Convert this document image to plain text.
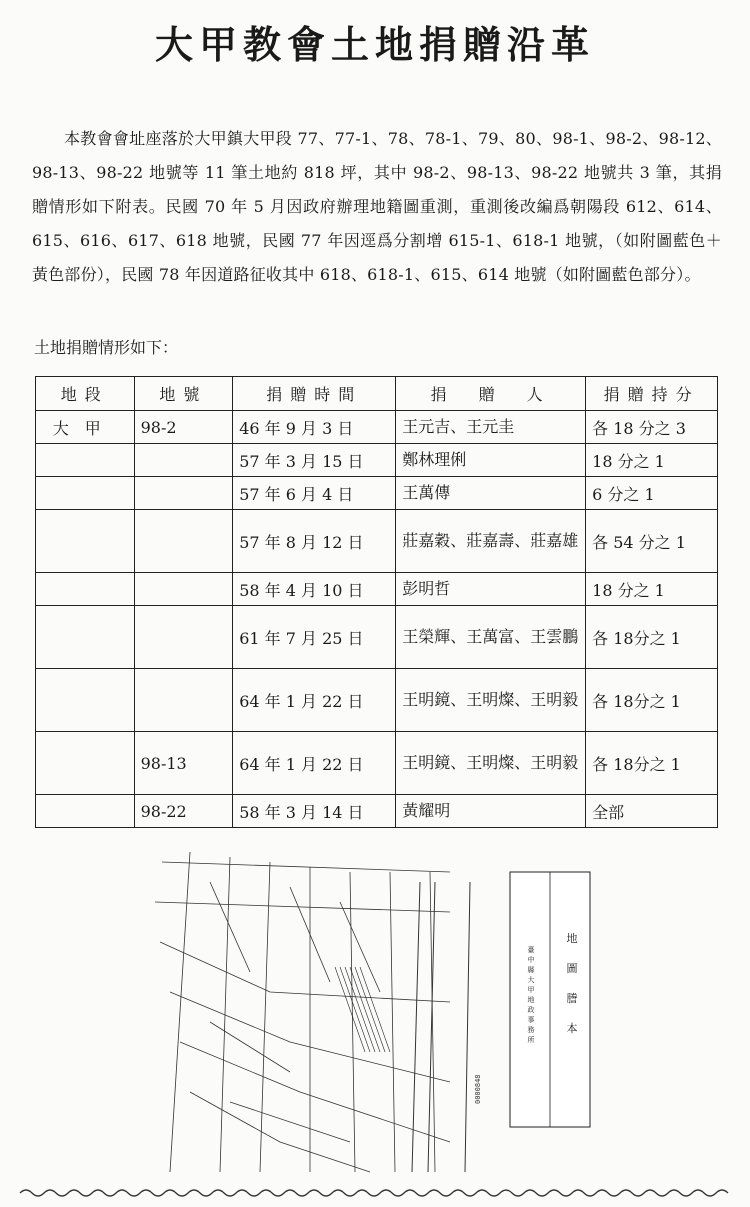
大甲教會土地捐贈沿革

本教會會址座落於大甲鎮大甲段 77、77-1、78、78-1、79、80、98-1、98-2、98-12、98-13、98-22 地號等 11 筆土地約 818 坪，其中 98-2、98-13、98-22 地號共 3 筆，其捐贈情形如下附表。民國 70 年 5 月因政府辦理地籍圖重測，重測後改編爲朝陽段 612、614、615、616、617、618 地號，民國 77 年因逕爲分割增 615-1、618-1 地號，（如附圖藍色＋黃色部份），民國 78 年因道路征收其中 618、618-1、615、614 地號（如附圖藍色部分）。

土地捐贈情形如下：
地段	地號	捐贈時間	捐　贈　人	捐贈持分
大甲	98-2	46 年 9 月 3 日	王元吉、王元圭	各 18 分之 3
		57 年 3 月 15 日	鄭林理俐	18 分之 1
		57 年 6 月 4 日	王萬傳	6 分之 1
		57 年 8 月 12 日	莊嘉穀、莊嘉壽、莊嘉雄	各 54 分之 1
		58 年 4 月 10 日	彭明哲	18 分之 1
		61 年 7 月 25 日	王榮輝、王萬富、王雲鵬	各 18分之 1
		64 年 1 月 22 日	王明鏡、王明燦、王明毅	各 18分之 1
	98-13	64 年 1 月 22 日	王明鏡、王明燦、王明毅	各 18分之 1
	98-22	58 年 3 月 14 日	黃耀明	全部
地
圖
謄
本
臺
中
縣
大
甲
地
政
事
務
所
0000848
